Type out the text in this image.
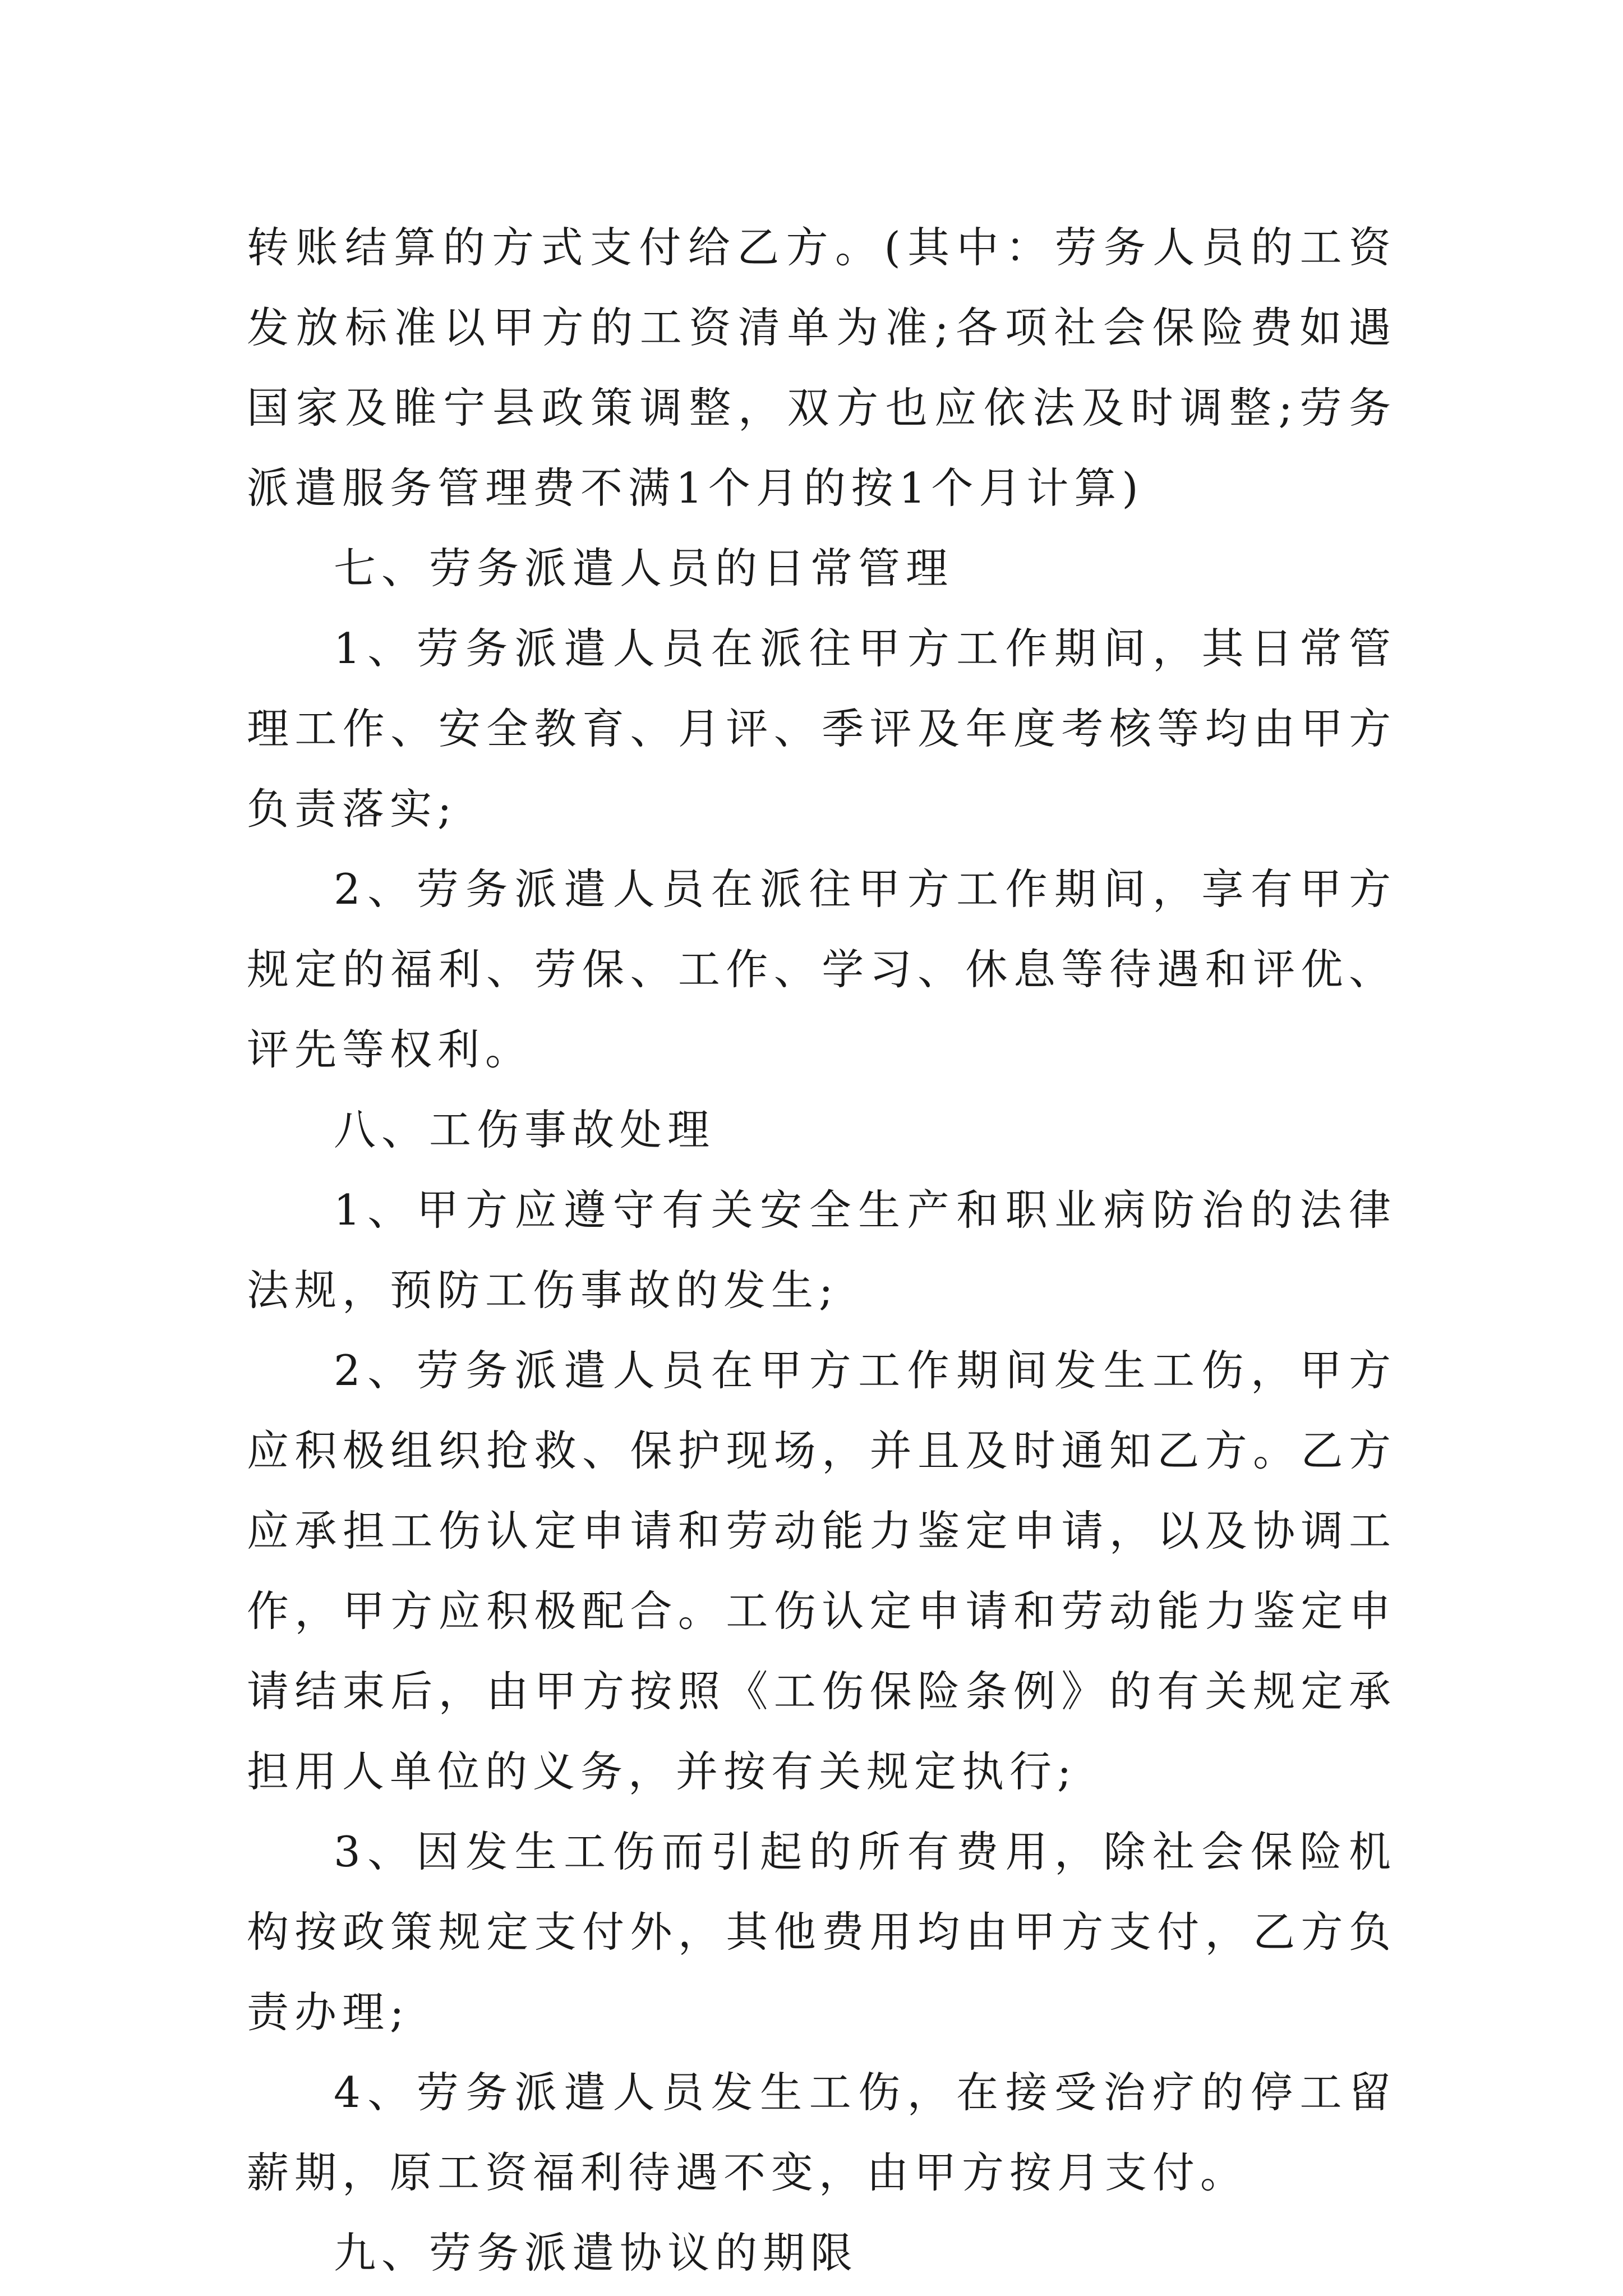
转账结算的方式支付给乙方。(其中：劳务人员的工资发放标准以甲方的工资清单为准;各项社会保险费如遇国家及睢宁县政策调整，双方也应依法及时调整;劳务派遣服务管理费不满1个月的按1个月计算)

七、劳务派遣人员的日常管理

1、劳务派遣人员在派往甲方工作期间，其日常管理工作、安全教育、月评、季评及年度考核等均由甲方负责落实;

2、劳务派遣人员在派往甲方工作期间，享有甲方规定的福利、劳保、工作、学习、休息等待遇和评优、评先等权利。

八、工伤事故处理

1、甲方应遵守有关安全生产和职业病防治的法律法规，预防工伤事故的发生;

2、劳务派遣人员在甲方工作期间发生工伤，甲方应积极组织抢救、保护现场，并且及时通知乙方。乙方应承担工伤认定申请和劳动能力鉴定申请，以及协调工作，甲方应积极配合。工伤认定申请和劳动能力鉴定申请结束后，由甲方按照《工伤保险条例》的有关规定承担用人单位的义务，并按有关规定执行;

3、因发生工伤而引起的所有费用，除社会保险机构按政策规定支付外，其他费用均由甲方支付，乙方负责办理;

4、劳务派遣人员发生工伤，在接受治疗的停工留薪期，原工资福利待遇不变，由甲方按月支付。

九、劳务派遣协议的期限
